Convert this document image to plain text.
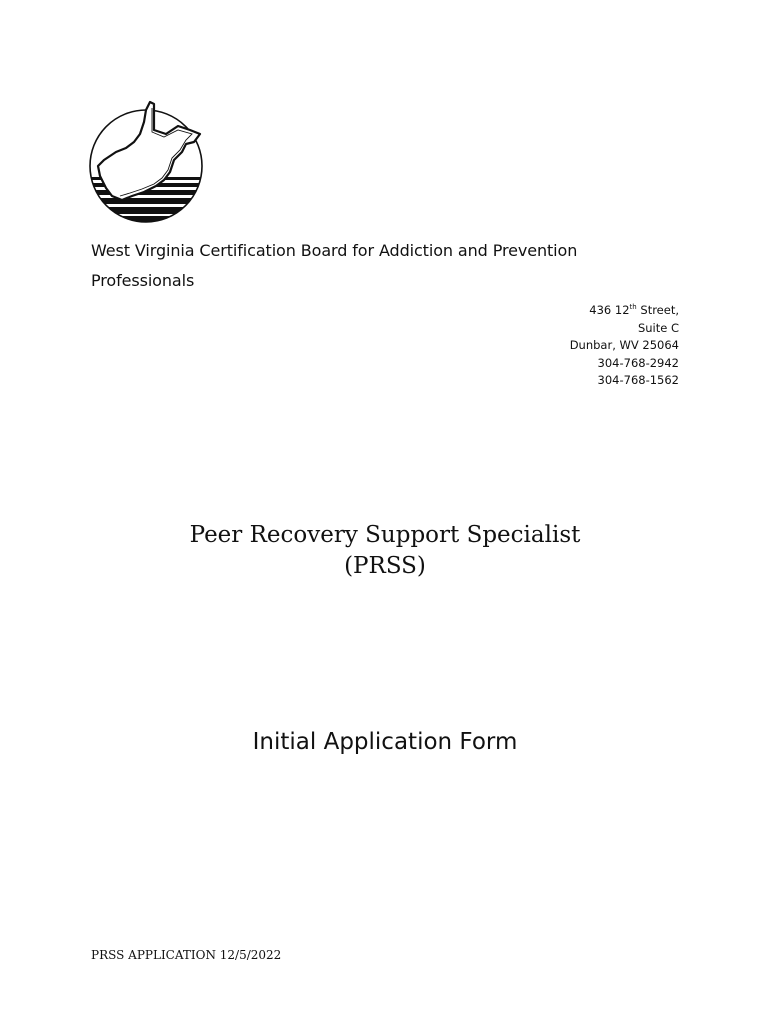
West Virginia Certification Board for Addiction and Prevention Professionals
436 12th Street,
Suite C
Dunbar, WV 25064
304-768-2942
304-768-1562
Peer Recovery Support Specialist
(PRSS)
Initial Application Form
PRSS APPLICATION 12/5/2022
